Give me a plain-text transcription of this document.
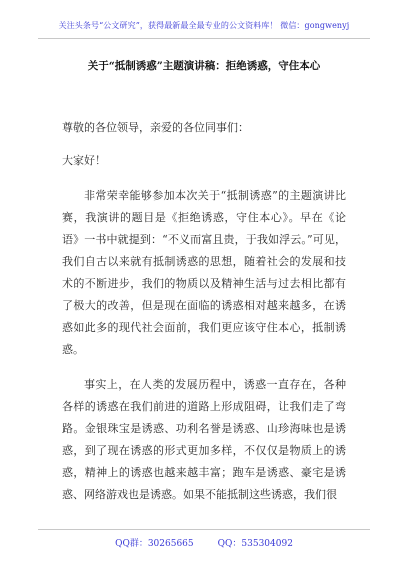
关注头条号“公文研究”，获得最新最全最专业的公文资料库！ 微信：gongwenyj
关于“抵制诱惑”主题演讲稿：拒绝诱惑，守住本心
尊敬的各位领导，亲爱的各位同事们：
大家好！
非常荣幸能够参加本次关于“抵制诱惑”的主题演讲比赛，我演讲的题目是《拒绝诱惑，守住本心》。早在《论语》一书中就提到：“不义而富且贵，于我如浮云。”可见，我们自古以来就有抵制诱惑的思想，随着社会的发展和技术的不断进步，我们的物质以及精神生活与过去相比都有了极大的改善，但是现在面临的诱惑相对越来越多，在诱惑如此多的现代社会面前，我们更应该守住本心，抵制诱惑。
事实上，在人类的发展历程中，诱惑一直存在，各种各样的诱惑在我们前进的道路上形成阻碍，让我们走了弯路。金银珠宝是诱惑、功利名誉是诱惑、山珍海味也是诱惑，到了现在诱惑的形式更加多样，不仅仅是物质上的诱惑，精神上的诱惑也越来越丰富；跑车是诱惑、豪宅是诱惑、网络游戏也是诱惑。如果不能抵制这些诱惑，我们很
QQ群：30265665	QQ：535304092
